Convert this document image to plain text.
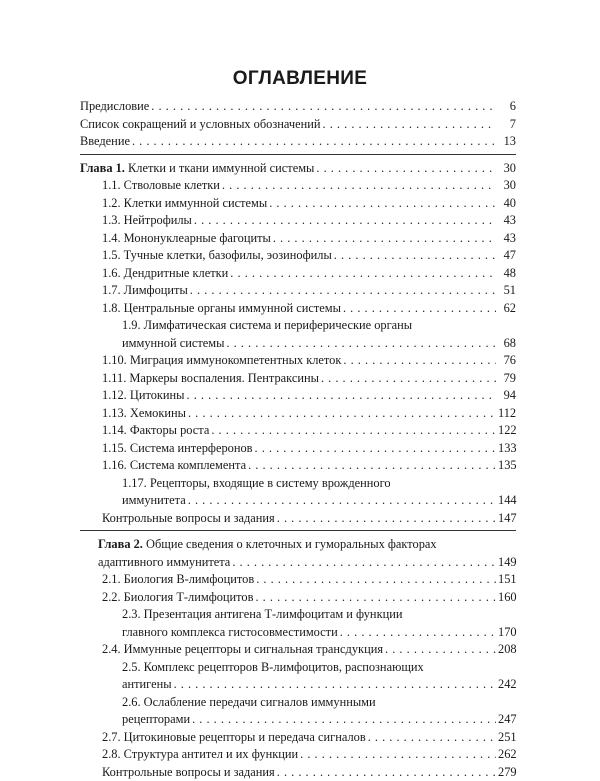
ОГЛАВЛЕНИЕ
Предисловие . . .	6
Список сокращений и условных обозначений . . .	7
Введение . . .	13
Глава 1. Клетки и ткани иммунной системы . . .	30
1.1. Стволовые клетки . . .	30
1.2. Клетки иммунной системы . . .	40
1.3. Нейтрофилы . . .	43
1.4. Мононуклеарные фагоциты . . .	43
1.5. Тучные клетки, базофилы, эозинофилы . . .	47
1.6. Дендритные клетки . . .	48
1.7. Лимфоциты . . .	51
1.8. Центральные органы иммунной системы . . .	62
1.9. Лимфатическая система и периферические органы
иммунной системы . . .	68
1.10. Миграция иммунокомпетентных клеток . . .	76
1.11. Маркеры воспаления. Пентраксины . . .	79
1.12. Цитокины . . .	94
1.13. Хемокины . . .	112
1.14. Факторы роста . . .	122
1.15. Система интерферонов . . .	133
1.16. Система комплемента . . .	135
1.17. Рецепторы, входящие в систему врожденного
иммунитета . . .	144
Контрольные вопросы и задания . . .	147
Глава 2. Общие сведения о клеточных и гуморальных факторах
адаптивного иммунитета . . .	149
2.1. Биология В-лимфоцитов . . .	151
2.2. Биология Т-лимфоцитов . . .	160
2.3. Презентация антигена Т-лимфоцитам и функции
главного комплекса гистосовместимости . . .	170
2.4. Иммунные рецепторы и сигнальная трансдукция . . .	208
2.5. Комплекс рецепторов В-лимфоцитов, распознающих
антигены . . .	242
2.6. Ослабление передачи сигналов иммунными
рецепторами . . .	247
2.7. Цитокиновые рецепторы и передача сигналов . . .	251
2.8. Структура антител и их функции . . .	262
Контрольные вопросы и задания . . .	279
